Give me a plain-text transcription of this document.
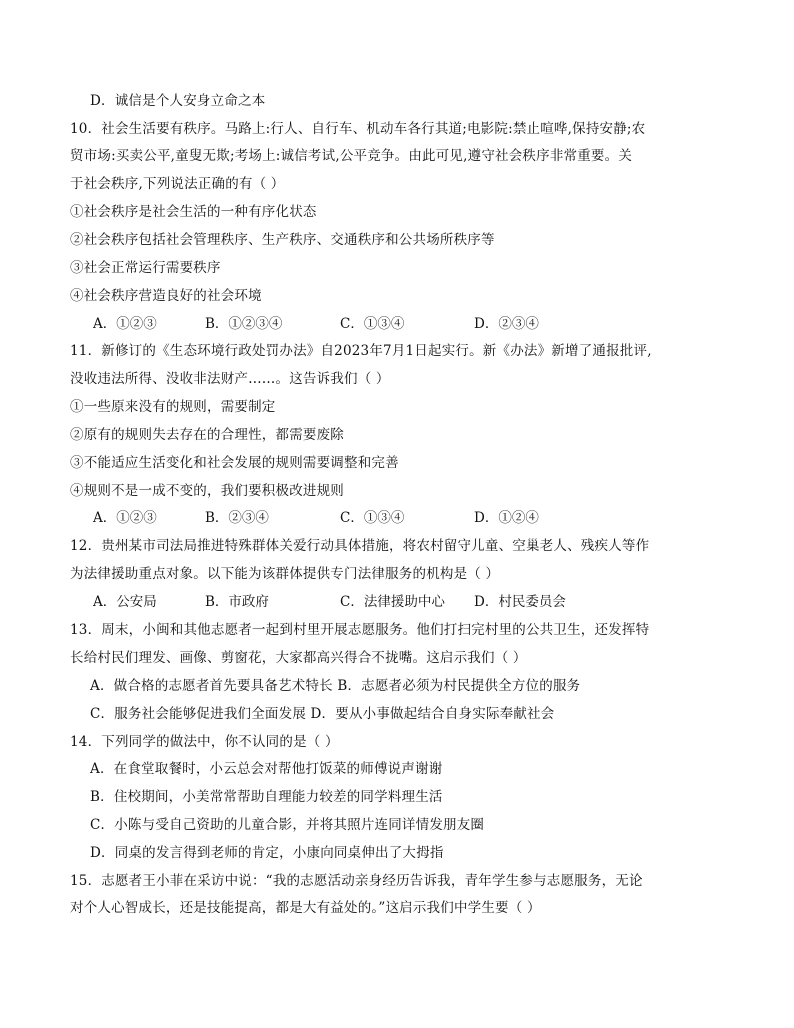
D．诚信是个人安身立命之本
10．社会生活要有秩序。马路上:行人、自行车、机动车各行其道;电影院:禁止喧哗,保持安静;农
贸市场:买卖公平,童叟无欺;考场上:诚信考试,公平竞争。由此可见,遵守社会秩序非常重要。关
于社会秩序,下列说法正确的有（ ）
①社会秩序是社会生活的一种有序化状态
②社会秩序包括社会管理秩序、生产秩序、交通秩序和公共场所秩序等
③社会正常运行需要秩序
④社会秩序营造良好的社会环境
A．①②③	B．①②③④	C．①③④	D．②③④
11．新修订的《生态环境行政处罚办法》自2023年7月1日起实行。新《办法》新增了通报批评,
没收违法所得、没收非法财产……。这告诉我们（ ）
①一些原来没有的规则，需要制定
②原有的规则失去存在的合理性，都需要废除
③不能适应生活变化和社会发展的规则需要调整和完善
④规则不是一成不变的，我们要积极改进规则
A．①②③	B．②③④	C．①③④	D．①②④
12．贵州某市司法局推进特殊群体关爱行动具体措施，将农村留守儿童、空巢老人、残疾人等作
为法律援助重点对象。以下能为该群体提供专门法律服务的机构是（ ）
A．公安局	B．市政府	C．法律援助中心 D．村民委员会
13．周末，小闽和其他志愿者一起到村里开展志愿服务。他们打扫完村里的公共卫生，还发挥特
长给村民们理发、画像、剪窗花，大家都高兴得合不拢嘴。这启示我们（ ）
A．做合格的志愿者首先要具备艺术特长 B．志愿者必须为村民提供全方位的服务
C．服务社会能够促进我们全面发展 D．要从小事做起结合自身实际奉献社会
14．下列同学的做法中，你不认同的是（ ）
A．在食堂取餐时，小云总会对帮他打饭菜的师傅说声谢谢
B．住校期间，小美常常帮助自理能力较差的同学料理生活
C．小陈与受自己资助的儿童合影，并将其照片连同详情发朋友圈
D．同桌的发言得到老师的肯定，小康向同桌伸出了大拇指
15．志愿者王小菲在采访中说：“我的志愿活动亲身经历告诉我，青年学生参与志愿服务，无论
对个人心智成长，还是技能提高，都是大有益处的。”这启示我们中学生要（ ）
